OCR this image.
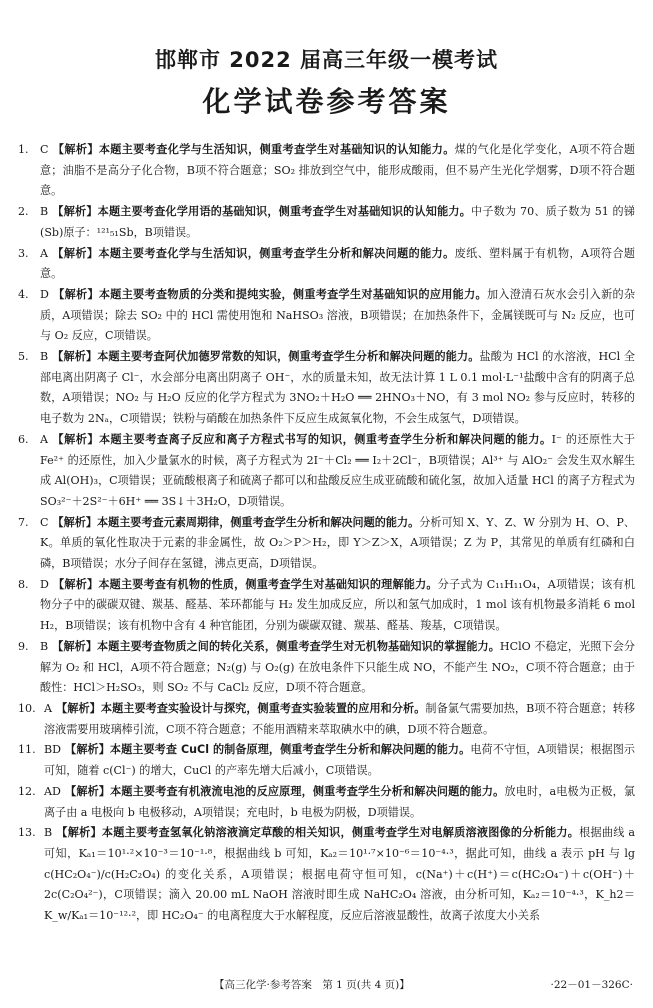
邯郸市 2022 届高三年级一模考试
化学试卷参考答案

1. C 【解析】本题主要考查化学与生活知识，侧重考查学生对基础知识的认知能力。煤的气化是化学变化，A项不符合题意；油脂不是高分子化合物，B项不符合题意；SO₂ 排放到空气中，能形成酸雨，但不易产生光化学烟雾，D项不符合题意。

2. B 【解析】本题主要考查化学用语的基础知识，侧重考查学生对基础知识的认知能力。中子数为 70、质子数为 51 的锑(Sb)原子：¹²¹₅₁Sb，B项错误。

3. A 【解析】本题主要考查化学与生活知识，侧重考查学生分析和解决问题的能力。废纸、塑料属于有机物，A项符合题意。

4. D 【解析】本题主要考查物质的分类和提纯实验，侧重考查学生对基础知识的应用能力。加入澄清石灰水会引入新的杂质，A项错误；除去 SO₂ 中的 HCl 需使用饱和 NaHSO₃ 溶液，B项错误；在加热条件下，金属镁既可与 N₂ 反应，也可与 O₂ 反应，C项错误。

5. B 【解析】本题主要考查阿伏加德罗常数的知识，侧重考查学生分析和解决问题的能力。盐酸为 HCl 的水溶液，HCl 全部电离出阴离子 Cl⁻，水会部分电离出阴离子 OH⁻，水的质量未知，故无法计算 1 L 0.1 mol·L⁻¹盐酸中含有的阴离子总数，A项错误；NO₂ 与 H₂O 反应的化学方程式为 3NO₂＋H₂O ══ 2HNO₃＋NO，有 3 mol NO₂ 参与反应时，转移的电子数为 2Nₐ，C项错误；铁粉与硝酸在加热条件下反应生成氮氧化物，不会生成氢气，D项错误。

6. A 【解析】本题主要考查离子反应和离子方程式书写的知识，侧重考查学生分析和解决问题的能力。I⁻ 的还原性大于 Fe²⁺ 的还原性，加入少量氯水的时候，离子方程式为 2I⁻＋Cl₂ ══ I₂＋2Cl⁻，B项错误；Al³⁺ 与 AlO₂⁻ 会发生双水解生成 Al(OH)₃，C项错误；亚硫酸根离子和硫离子都可以和盐酸反应生成亚硫酸和硫化氢，故加入适量 HCl 的离子方程式为 SO₃²⁻＋2S²⁻＋6H⁺ ══ 3S↓＋3H₂O，D项错误。

7. C 【解析】本题主要考查元素周期律，侧重考查学生分析和解决问题的能力。分析可知 X、Y、Z、W 分别为 H、O、P、K。单质的氧化性取决于元素的非金属性，故 O₂＞P＞H₂，即 Y＞Z＞X，A项错误；Z 为 P，其常见的单质有红磷和白磷，B项错误；水分子间存在氢键，沸点更高，D项错误。

8. D 【解析】本题主要考查有机物的性质，侧重考查学生对基础知识的理解能力。分子式为 C₁₁H₁₁O₄，A项错误；该有机物分子中的碳碳双键、羰基、醛基、苯环都能与 H₂ 发生加成反应，所以和氢气加成时，1 mol 该有机物最多消耗 6 mol H₂，B项错误；该有机物中含有 4 种官能团，分别为碳碳双键、羰基、醛基、羧基，C项错误。

9. B 【解析】本题主要考查物质之间的转化关系，侧重考查学生对无机物基础知识的掌握能力。HClO 不稳定，光照下会分解为 O₂ 和 HCl，A项不符合题意；N₂(g) 与 O₂(g) 在放电条件下只能生成 NO，不能产生 NO₂，C项不符合题意；由于酸性：HCl＞H₂SO₃，则 SO₂ 不与 CaCl₂ 反应，D项不符合题意。

10. A 【解析】本题主要考查实验设计与探究，侧重考查实验装置的应用和分析。制备氯气需要加热，B项不符合题意；转移溶液需要用玻璃棒引流，C项不符合题意；不能用酒精来萃取碘水中的碘，D项不符合题意。

11. BD 【解析】本题主要考查 CuCl 的制备原理，侧重考查学生分析和解决问题的能力。电荷不守恒，A项错误；根据图示可知，随着 c(Cl⁻) 的增大，CuCl 的产率先增大后减小，C项错误。

12. AD 【解析】本题主要考查有机液流电池的反应原理，侧重考查学生分析和解决问题的能力。放电时，a电极为正极，氯离子由 a 电极向 b 电极移动，A项错误；充电时，b 电极为阴极，D项错误。

13. B 【解析】本题主要考查氢氧化钠溶液滴定草酸的相关知识，侧重考查学生对电解质溶液图像的分析能力。根据曲线 a 可知，Kₐ₁＝10¹·²×10⁻³＝10⁻¹·⁸，根据曲线 b 可知，Kₐ₂＝10¹·⁷×10⁻⁶＝10⁻⁴·³，据此可知，曲线 a 表示 pH 与 lg c(HC₂O₄⁻)/c(H₂C₂O₄) 的变化关系，A项错误；根据电荷守恒可知，c(Na⁺)＋c(H⁺)＝c(HC₂O₄⁻)＋c(OH⁻)＋2c(C₂O₄²⁻)，C项错误；滴入 20.00 mL NaOH 溶液时即生成 NaHC₂O₄ 溶液，由分析可知，Kₐ₂＝10⁻⁴·³，K_h2＝K_w/Kₐ₁＝10⁻¹²·²，即 HC₂O₄⁻ 的电离程度大于水解程度，反应后溶液显酸性，故离子浓度大小关系

【高三化学·参考答案　第 1 页(共 4 页)】	·22－01－326C·
